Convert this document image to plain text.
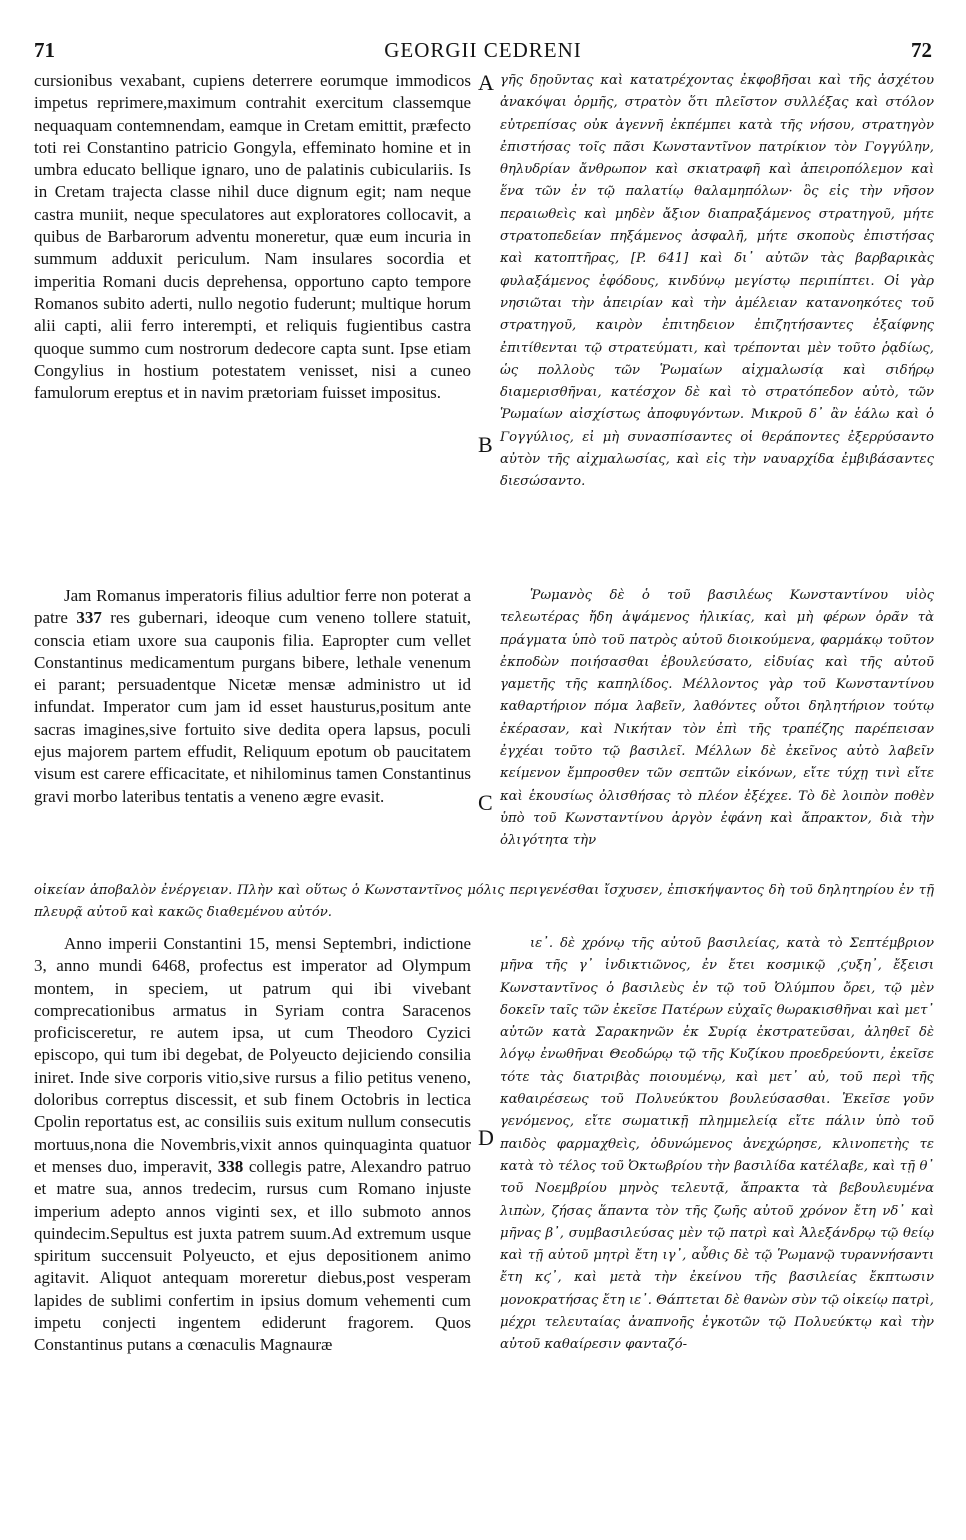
71	GEORGII CEDRENI	72

cursionibus vexabant, cupiens deterrere eorumque immodicos impetus reprimere,maximum contrahit exercitum classemque nequaquam contemnendam, eamque in Cretam emittit, præfecto toti rei Constantino patricio Gongyla, effeminato homine et in umbra educato bellique ignaro, uno de palatinis cubiculariis. Is in Cretam trajecta classe nihil duce dignum egit; nam neque castra muniit, neque speculatores aut exploratores collocavit, a quibus de Barbarorum adventu moneretur, quæ eum incuria in summum adduxit periculum. Nam insulares socordia et imperitia Romani ducis deprehensa, opportuno capto tempore Romanos subito aderti, nullo negotio fuderunt; multique horum alii capti, alii ferro interempti, et reliquis fugientibus castra quoque summo cum nostrorum dedecore capta sunt. Ipse etiam Congylius in hostium potestatem venisset, nisi a cuneo famulorum ereptus et in navim prætoriam fuisset impositus.

A γῆς δῃοῦντας καὶ κατατρέχοντας ἐκφοβῆσαι καὶ τῆς ἀσχέτου ἀνακόψαι ὁρμῆς, στρατὸν ὅτι πλεῖστον συλλέξας καὶ στόλον εὐτρεπίσας οὐκ ἀγεννῆ ἐκπέμπει κατὰ τῆς νήσου, στρατηγὸν ἐπιστήσας τοῖς πᾶσι Κωνσταντῖνον πατρίκιον τὸν Γογγύλην, θηλυδρίαν ἄνθρωπον καὶ σκιατραφῆ καὶ ἀπειροπόλεμον καὶ ἕνα τῶν ἐν τῷ παλατίῳ θαλαμηπόλων· ὃς εἰς τὴν νῆσον περαιωθεὶς καὶ μηδὲν ἄξιον διαπραξάμενος στρατηγοῦ, μήτε στρατοπεδείαν πηξάμενος ἀσφαλῆ, μήτε σκοποὺς ἐπιστήσας καὶ κατοπτῆρας, [P. 641] καὶ δι᾽ αὐτῶν τὰς βαρβαρικὰς φυλαξάμενος ἐφόδους, κινδύνῳ μεγίστῳ περιπίπτει. Οἱ γὰρ νησιῶται τὴν ἀπειρίαν καὶ τὴν ἀμέλειαν κατανοηκότες τοῦ στρατηγοῦ, καιρὸν ἐπιτηδειον ἐπιζητήσαντες ἐξαίφνης ἐπιτίθενται τῷ στρατεύματι, καὶ τρέπονται μὲν τοῦτο ῥᾳδίως, ὡς πολλοὺς τῶν Ῥωμαίων αἰχμαλωσίᾳ καὶ σιδήρῳ διαμερισθῆναι, κατέσχον δὲ καὶ τὸ στρατόπεδον αὐτὸ, τῶν Ῥωμαίων αἰσχίστως ἀποφυγόντων. Μικροῦ δ᾽ ἂν ἑάλω καὶ ὁ Γογγύλιος, εἰ μὴ συνασπίσαντες οἱ θεράποντες ἐξερρύσαντο αὐτὸν τῆς αἰχμαλωσίας, καὶ εἰς τὴν ναυαρχίδα ἐμβιβάσαντες διεσώσαντο.

B

Jam Romanus imperatoris filius adultior ferre non poterat a patre 337 res gubernari, ideoque cum veneno tollere statuit, conscia etiam uxore sua cauponis filia. Eapropter cum vellet Constantinus medicamentum purgans bibere, lethale venenum ei parant; persuadentque Nicetæ mensæ administro ut id infundat. Imperator cum jam id esset hausturus,positum ante sacras imagines,sive fortuito sive dedita opera lapsus, poculi ejus majorem partem effudit, Reliquum epotum ob paucitatem visum est carere efficacitate, et nihilominus tamen Constantinus gravi morbo lateribus tentatis a veneno ægre evasit.	C

Ῥωμανὸς δὲ ὁ τοῦ βασιλέως Κωνσταντίνου υἱὸς τελεωτέρας ἤδη ἁψάμενος ἡλικίας, καὶ μὴ φέρων ὁρᾶν τὰ πράγματα ὑπὸ τοῦ πατρὸς αὐτοῦ διοικούμενα, φαρμάκῳ τοῦτον ἐκποδὼν ποιήσασθαι ἐβουλεύσατο, εἰδυίας καὶ τῆς αὐτοῦ γαμετῆς τῆς καπηλίδος. Μέλλοντος γὰρ τοῦ Κωνσταντίνου καθαρτήριον πόμα λαβεῖν, λαθόντες οὗτοι δηλητήριον τούτῳ ἐκέρασαν, καὶ Νικήταν τὸν ἐπὶ τῆς τραπέζης παρέπεισαν ἐγχέαι τοῦτο τῷ βασιλεῖ. Μέλλων δὲ ἐκεῖνος αὐτὸ λαβεῖν κείμενον ἔμπροσθεν τῶν σεπτῶν εἰκόνων, εἴτε τύχῃ τινὶ εἴτε καὶ ἑκουσίως ὀλισθήσας τὸ πλέον ἐξέχεε. Τὸ δὲ λοιπὸν ποθὲν ὑπὸ τοῦ Κωνσταντίνου ἀργὸν ἐφάνη καὶ ἄπρακτον, διὰ τὴν ὀλιγότητα τὴν

οἰκείαν ἀποβαλὸν ἐνέργειαν. Πλὴν καὶ οὕτως ὁ Κωνσταντῖνος μόλις περιγενέσθαι ἴσχυσεν, ἐπισκήψαντος δὴ τοῦ δηλητηρίου ἐν τῇ πλευρᾷ αὐτοῦ καὶ κακῶς διαθεμένου αὐτόν.

Anno imperii Constantini 15, mensi Septembri, indictione 3, anno mundi 6468, profectus est imperator ad Olympum montem, in speciem, ut patrum qui ibi vivebant comprecationibus armatus in Syriam contra Saracenos proficisceretur, re autem ipsa, ut cum Theodoro Cyzici episcopo, qui tum ibi degebat, de Polyeucto dejiciendo consilia iniret. Inde sive corporis vitio,sive rursus a filio petitus veneno, doloribus correptus discessit, et sub finem Octobris in lectica Cpolin reportatus est, ac consiliis suis exitum nullum consecutis mortuus,nona die Novembris,vixit annos quinquaginta quatuor et menses duo, imperavit, 338 collegis patre, Alexandro patruo et matre sua, annos tredecim, rursus cum Romano injuste imperium adepto annos viginti sex, et illo submoto annos quindecim.Sepultus est juxta patrem suum.Ad extremum usque spiritum succensuit Polyeucto, et ejus depositionem animo agitavit. Aliquot antequam moreretur diebus,post vesperam lapides de sublimi confertim in ipsius domum vehementi cum impetu conjecti ingentem ediderunt fragorem. Quos Constantinus putans a cœnaculis Magnauræ

D

ιε᾽. δὲ χρόνῳ τῆς αὐτοῦ βασιλείας, κατὰ τὸ Σεπτέμβριον μῆνα τῆς γ᾽ ἰνδικτιῶνος, ἐν ἔτει κοσμικῷ ͵ϛυξη᾽, ἔξεισι Κωνσταντῖνος ὁ βασιλεὺς ἐν τῷ τοῦ Ὀλύμπου ὄρει, τῷ μὲν δοκεῖν ταῖς τῶν ἐκεῖσε Πατέρων εὐχαῖς θωρακισθῆναι καὶ μετ᾽ αὐτῶν κατὰ Σαρακηνῶν ἐκ Συρίᾳ ἐκστρατεῦσαι, ἀληθεῖ δὲ λόγῳ ἐνωθῆναι Θεοδώρῳ τῷ τῆς Κυζίκου προεδρεύοντι, ἐκεῖσε τότε τὰς διατριβὰς ποιουμένῳ, καὶ μετ᾽ αὐ, τοῦ περὶ τῆς καθαιρέσεως τοῦ Πολυεύκτου βουλεύσασθαι. Ἐκεῖσε γοῦν γενόμενος, εἴτε σωματικῇ πλημμελείᾳ εἴτε πάλιν ὑπὸ τοῦ παιδὸς φαρμαχθεὶς, ὀδυνώμενος ἀνεχώρησε, κλινοπετὴς τε κατὰ τὸ τέλος τοῦ Ὀκτωβρίου τὴν βασιλίδα κατέλαβε, καὶ τῇ θ᾽ τοῦ Νοεμβρίου μηνὸς τελευτᾷ, ἄπρακτα τὰ βεβουλευμένα λιπὼν, ζήσας ἅπαντα τὸν τῆς ζωῆς αὐτοῦ χρόνον ἔτη νδ᾽ καὶ μῆνας β᾽, συμβασιλεύσας μὲν τῷ πατρὶ καὶ Ἀλεξάνδρῳ τῷ θείῳ καὶ τῇ αὐτοῦ μητρὶ ἔτη ιγ᾽, αὖθις δὲ τῷ Ῥωμανῷ τυραννήσαντι ἔτη κϛ᾽, καὶ μετὰ τὴν ἐκείνου τῆς βασιλείας ἔκπτωσιν μονοκρατήσας ἔτη ιε᾽. Θάπτεται δὲ θανὼν σὺν τῷ οἰκείῳ πατρὶ, μέχρι τελευταίας ἀναπνοῆς ἐγκοτῶν τῷ Πολυεύκτῳ καὶ τὴν αὐτοῦ καθαίρεσιν φανταζό-
